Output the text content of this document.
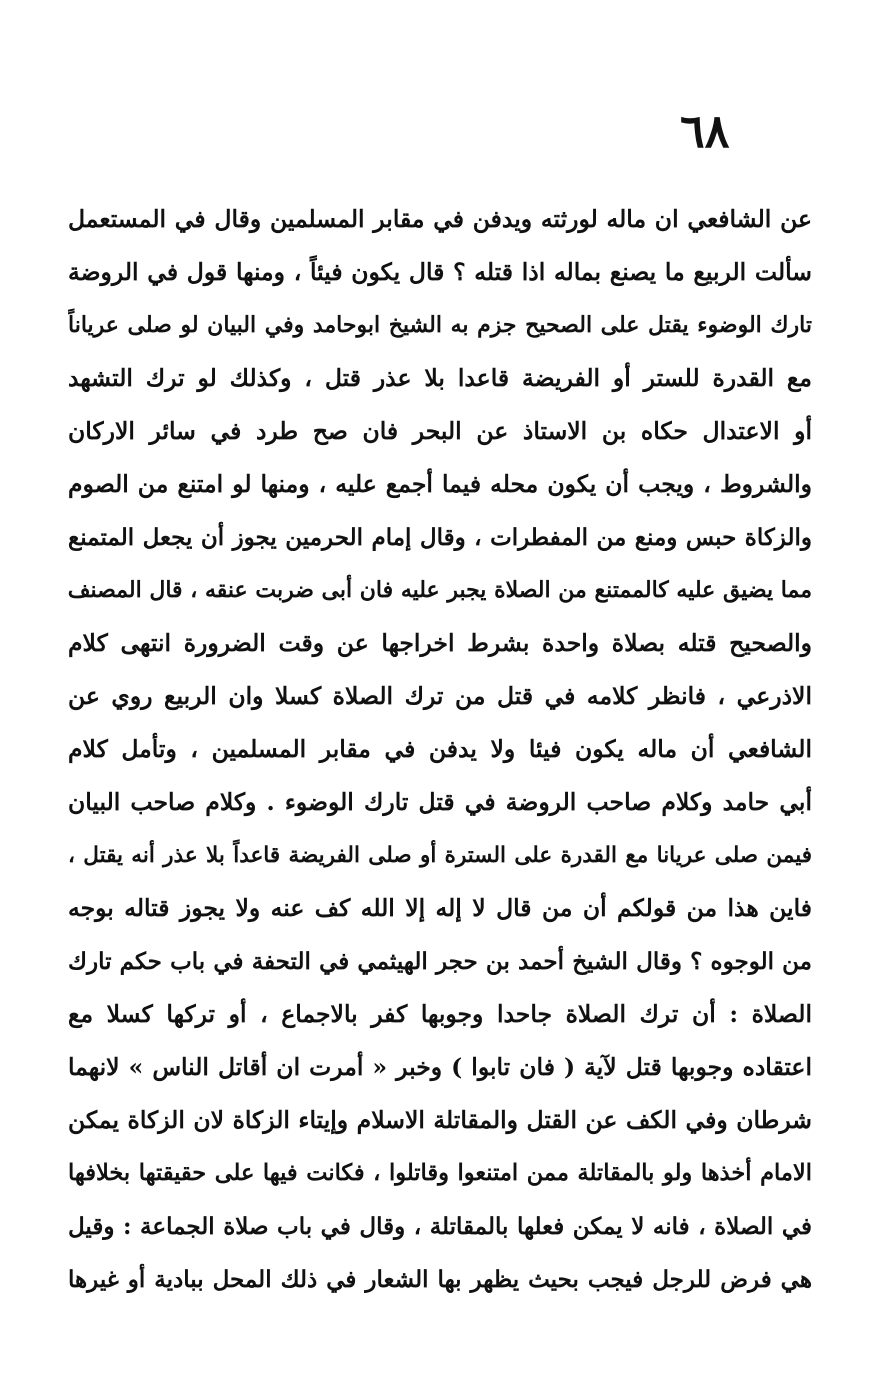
٦٨
عن الشافعي ان ماله لورثته ويدفن في مقابر المسلمين وقال في المستعمل
سألت الربيع ما يصنع بماله اذا قتله ؟ قال يكون فيئاً ، ومنها قول في الروضة
تارك الوضوء يقتل على الصحيح جزم به الشيخ ابوحامد وفي البيان لو صلى عرياناً
مع القدرة للستر أو الفريضة قاعدا بلا عذر قتل ، وكذلك لو ترك التشهد
أو الاعتدال حكاه بن الاستاذ عن البحر فان صح طرد في سائر الاركان
والشروط ، ويجب أن يكون محله فيما أجمع عليه ، ومنها لو امتنع من الصوم
والزكاة حبس ومنع من المفطرات ، وقال إمام الحرمين يجوز أن يجعل المتمنع
مما يضيق عليه كالممتنع من الصلاة يجبر عليه فان أبى ضربت عنقه ، قال المصنف
والصحيح قتله بصلاة واحدة بشرط اخراجها عن وقت الضرورة انتهى كلام
الاذرعي ، فانظر كلامه في قتل من ترك الصلاة كسلا وان الربيع روي عن
الشافعي أن ماله يكون فيئا ولا يدفن في مقابر المسلمين ، وتأمل كلام
أبي حامد وكلام صاحب الروضة في قتل تارك الوضوء . وكلام صاحب البيان
فيمن صلى عريانا مع القدرة على السترة أو صلى الفريضة قاعداً بلا عذر أنه يقتل ،
فاين هذا من قولكم أن من قال لا إله إلا الله كف عنه ولا يجوز قتاله بوجه
من الوجوه ؟ وقال الشيخ أحمد بن حجر الهيثمي في التحفة في باب حكم تارك
الصلاة : أن ترك الصلاة جاحدا وجوبها كفر بالاجماع ، أو تركها كسلا مع
اعتقاده وجوبها قتل لآية ( فان تابوا ) وخبر « أمرت ان أقاتل الناس » لانهما
شرطان وفي الكف عن القتل والمقاتلة الاسلام وإيتاء الزكاة لان الزكاة يمكن
الامام أخذها ولو بالمقاتلة ممن امتنعوا وقاتلوا ، فكانت فيها على حقيقتها بخلافها
في الصلاة ، فانه لا يمكن فعلها بالمقاتلة ، وقال في باب صلاة الجماعة : وقيل
هي فرض للرجل فيجب بحيث يظهر بها الشعار في ذلك المحل ببادية أو غيرها
